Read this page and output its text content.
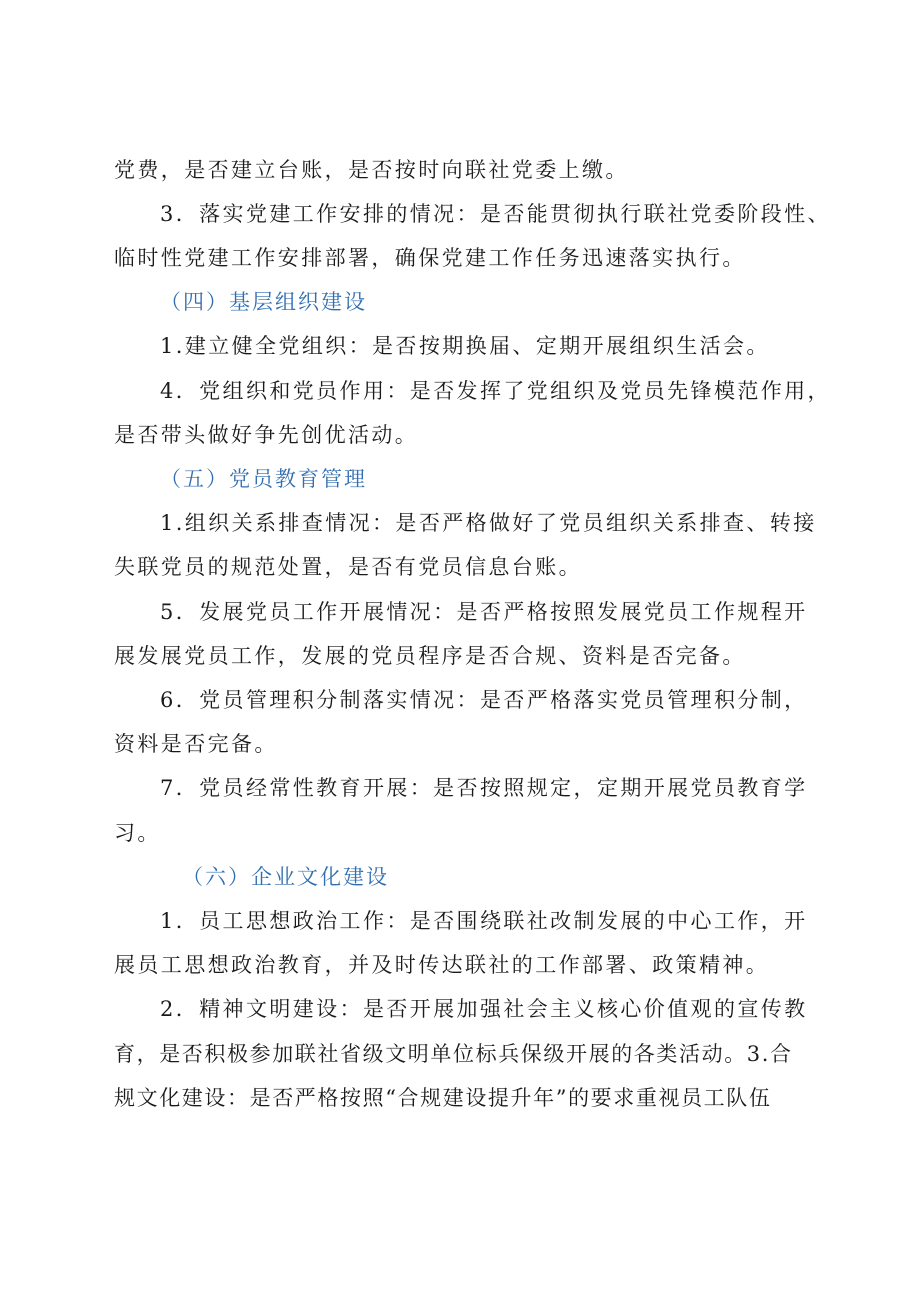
党费，是否建立台账，是否按时向联社党委上缴。
3．落实党建工作安排的情况：是否能贯彻执行联社党委阶段性、
临时性党建工作安排部署，确保党建工作任务迅速落实执行。
（四）基层组织建设
1.建立健全党组织：是否按期换届、定期开展组织生活会。
4．党组织和党员作用：是否发挥了党组织及党员先锋模范作用，
是否带头做好争先创优活动。
（五）党员教育管理
1.组织关系排查情况：是否严格做好了党员组织关系排查、转接
失联党员的规范处置，是否有党员信息台账。
5．发展党员工作开展情况：是否严格按照发展党员工作规程开
展发展党员工作，发展的党员程序是否合规、资料是否完备。
6．党员管理积分制落实情况：是否严格落实党员管理积分制，
资料是否完备。
7．党员经常性教育开展：是否按照规定，定期开展党员教育学
习。
（六）企业文化建设
1．员工思想政治工作：是否围绕联社改制发展的中心工作，开
展员工思想政治教育，并及时传达联社的工作部署、政策精神。
2．精神文明建设：是否开展加强社会主义核心价值观的宣传教
育，是否积极参加联社省级文明单位标兵保级开展的各类活动。3.合
规文化建设：是否严格按照“合规建设提升年”的要求重视员工队伍
